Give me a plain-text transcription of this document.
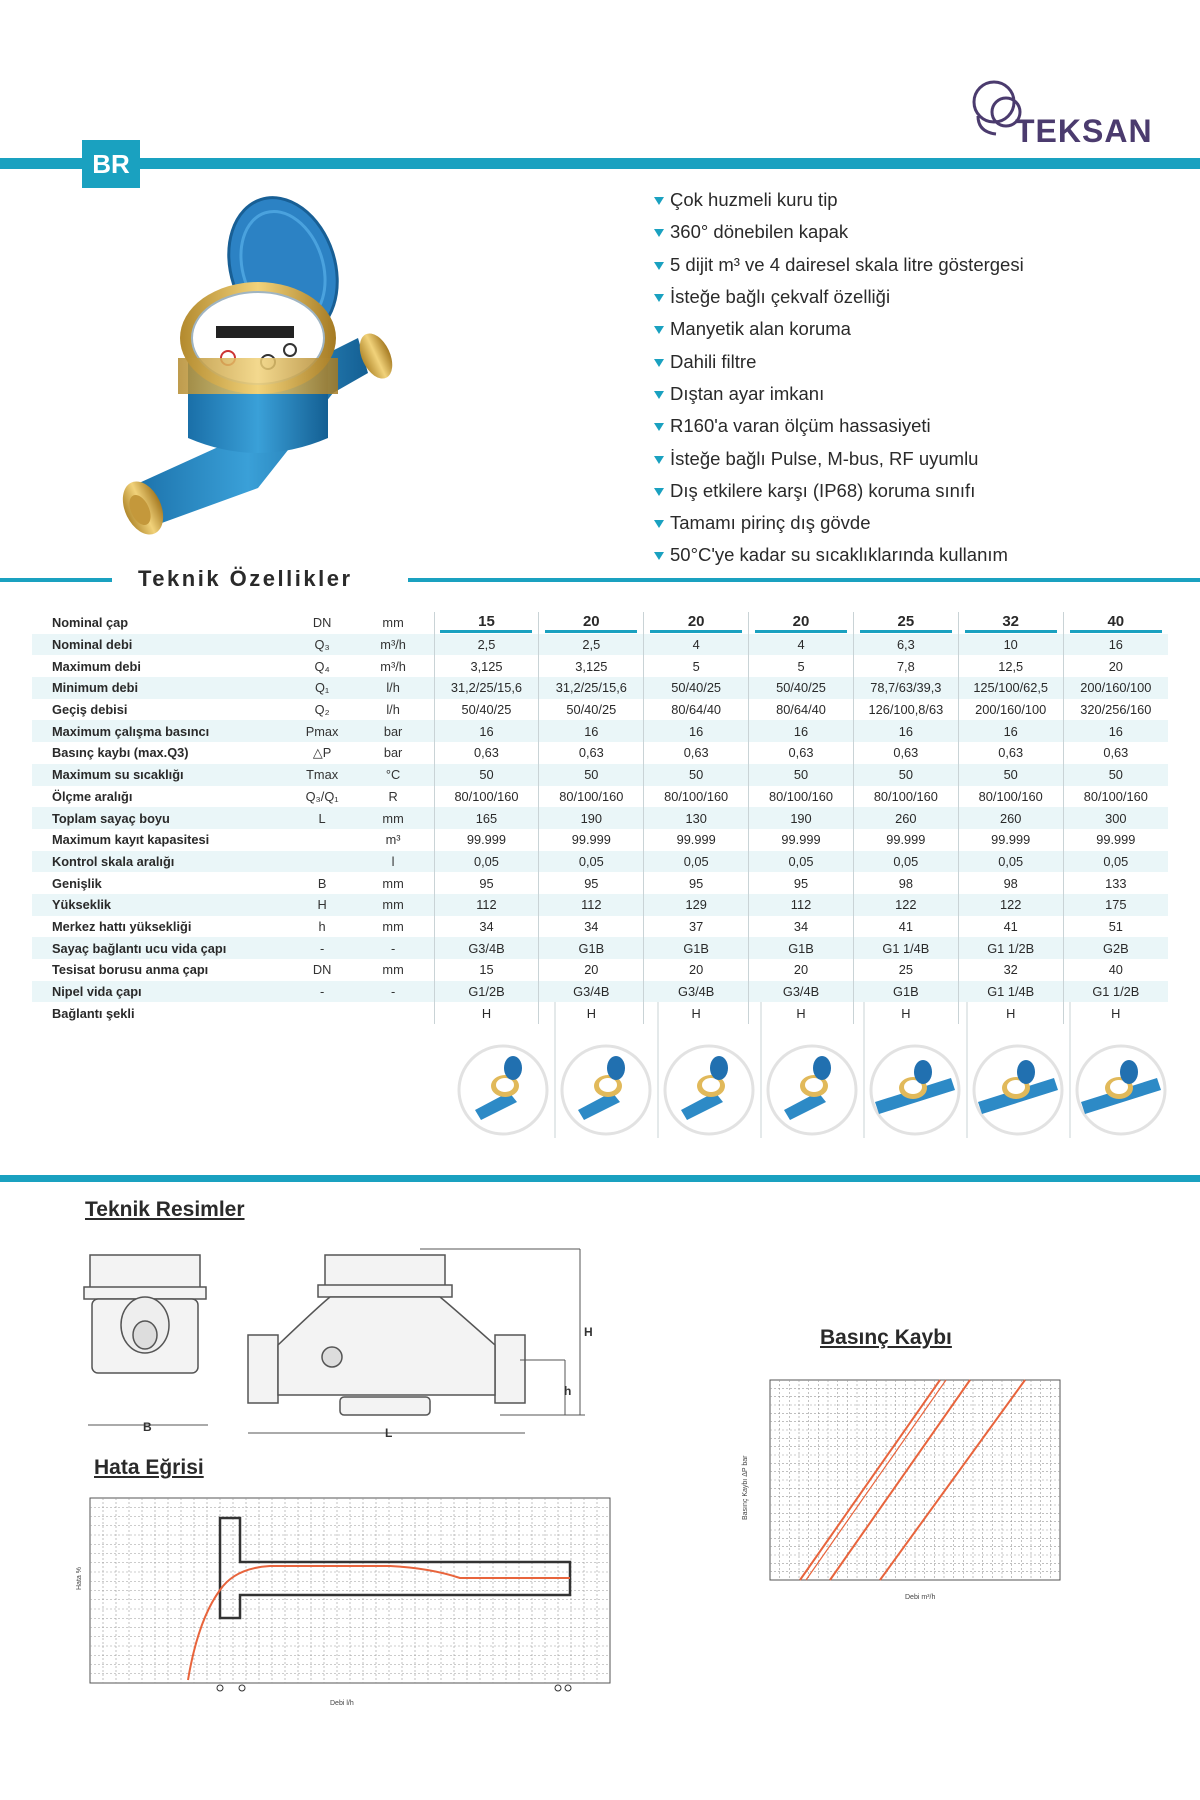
TEKSAN
BR
Çok huzmeli kuru tip
360° dönebilen kapak
5 dijit m³ ve 4 dairesel skala litre göstergesi
İsteğe bağlı çekvalf özelliği
Manyetik alan koruma
Dahili filtre
Dıştan ayar imkanı
R160'a varan ölçüm hassasiyeti
İsteğe bağlı Pulse, M-bus, RF uyumlu
Dış etkilere karşı (IP68) koruma sınıfı
Tamamı pirinç dış gövde
50°C'ye kadar su sıcaklıklarında kullanım
Teknik Özellikler
Nominal çap	DN	mm	15	20	20	20	25	32	40
Nominal debi	Q₃	m³/h	2,5	2,5	4	4	6,3	10	16
Maximum debi	Q₄	m³/h	3,125	3,125	5	5	7,8	12,5	20
Minimum debi	Q₁	l/h	31,2/25/15,6	31,2/25/15,6	50/40/25	50/40/25	78,7/63/39,3	125/100/62,5	200/160/100
Geçiş debisi	Q₂	l/h	50/40/25	50/40/25	80/64/40	80/64/40	126/100,8/63	200/160/100	320/256/160
Maximum çalışma basıncı	Pmax	bar	16	16	16	16	16	16	16
Basınç kaybı (max.Q3)	△P	bar	0,63	0,63	0,63	0,63	0,63	0,63	0,63
Maximum su sıcaklığı	Tmax	°C	50	50	50	50	50	50	50
Ölçme aralığı	Q₃/Q₁	R	80/100/160	80/100/160	80/100/160	80/100/160	80/100/160	80/100/160	80/100/160
Toplam sayaç boyu	L	mm	165	190	130	190	260	260	300
Maximum kayıt kapasitesi		m³	99.999	99.999	99.999	99.999	99.999	99.999	99.999
Kontrol skala aralığı		l	0,05	0,05	0,05	0,05	0,05	0,05	0,05
Genişlik	B	mm	95	95	95	95	98	98	133
Yükseklik	H	mm	112	112	129	112	122	122	175
Merkez hattı yüksekliği	h	mm	34	34	37	34	41	41	51
Sayaç bağlantı ucu vida çapı	-	-	G3/4B	G1B	G1B	G1B	G1 1/4B	G1 1/2B	G2B
Tesisat borusu anma çapı	DN	mm	15	20	20	20	25	32	40
Nipel vida çapı	-	-	G1/2B	G3/4B	G3/4B	G3/4B	G1B	G1 1/4B	G1 1/2B
Bağlantı şekli			H	H	H	H	H	H	H
Teknik Resimler
B	L
H
h
Hata Eğrisi
Hata %
Debi l/h
Basınç Kaybı
Basınç Kaybı ΔP bar
Debi m³/h
